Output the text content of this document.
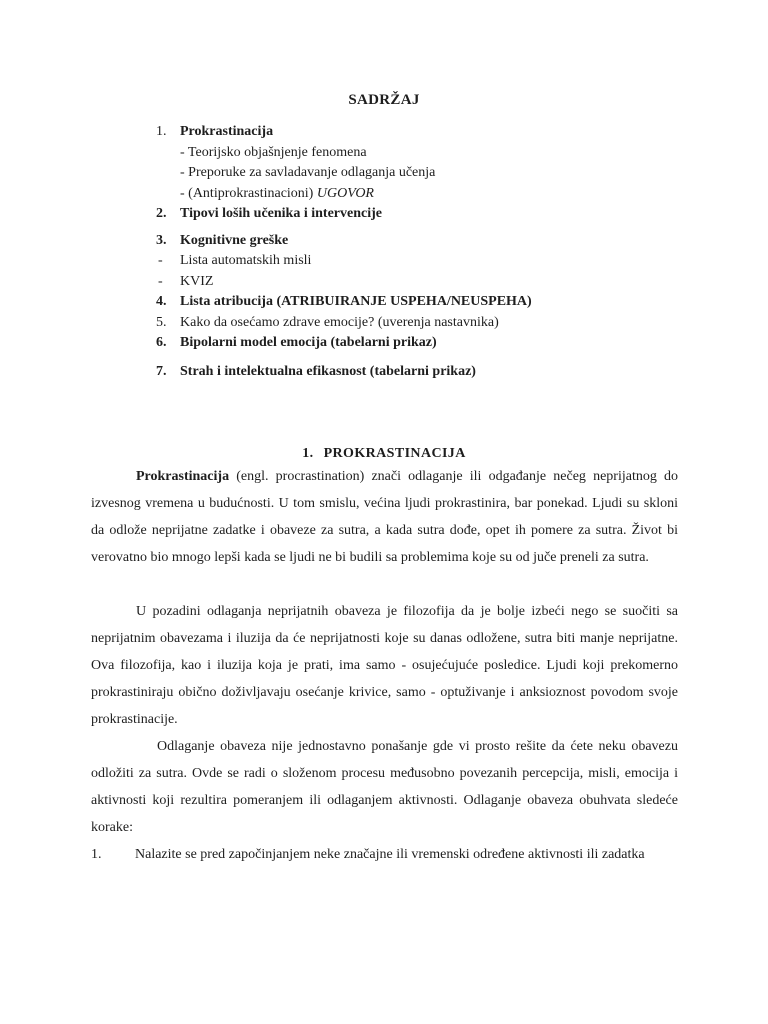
SADRŽAJ
1. Prokrastinacija
- Teorijsko objašnjenje fenomena
- Preporuke za savladavanje odlaganja učenja
- (Antiprokrastinacioni) UGOVOR
2. Tipovi loših učenika i intervencije
3. Kognitivne greške
- Lista automatskih misli
- KVIZ
4. Lista atribucija (ATRIBUIRANJE USPEHA/NEUSPEHA)
5. Kako da osećamo zdrave emocije? (uverenja nastavnika)
6. Bipolarni model emocija (tabelarni prikaz)
7. Strah i intelektualna efikasnost (tabelarni prikaz)
1. PROKRASTINACIJA
Prokrastinacija (engl. procrastination) znači odlaganje ili odgađanje nečeg neprijatnog do izvesnog vremena u budućnosti. U tom smislu, većina ljudi prokrastinira, bar ponekad. Ljudi su skloni da odlože neprijatne zadatke i obaveze za sutra, a kada sutra dođe, opet ih pomere za sutra. Život bi verovatno bio mnogo lepši kada se ljudi ne bi budili sa problemima koje su od juče preneli za sutra.
U pozadini odlaganja neprijatnih obaveza je filozofija da je bolje izbeći nego se suočiti sa neprijatnim obavezama i iluzija da će neprijatnosti koje su danas odložene, sutra biti manje neprijatne. Ova filozofija, kao i iluzija koja je prati, ima samo - osujećujuće posledice. Ljudi koji prekomerno prokrastiniraju obično doživljavaju osećanje krivice, samo - optuživanje i anksioznost povodom svoje prokrastinacije.
Odlaganje obaveza nije jednostavno ponašanje gde vi prosto rešite da ćete neku obavezu odložiti za sutra. Ovde se radi o složenom procesu međusobno povezanih percepcija, misli, emocija i aktivnosti koji rezultira pomeranjem ili odlaganjem aktivnosti. Odlaganje obaveza obuhvata sledeće korake:
1. Nalazite se pred započinjanjem neke značajne ili vremenski određene aktivnosti ili zadatka
